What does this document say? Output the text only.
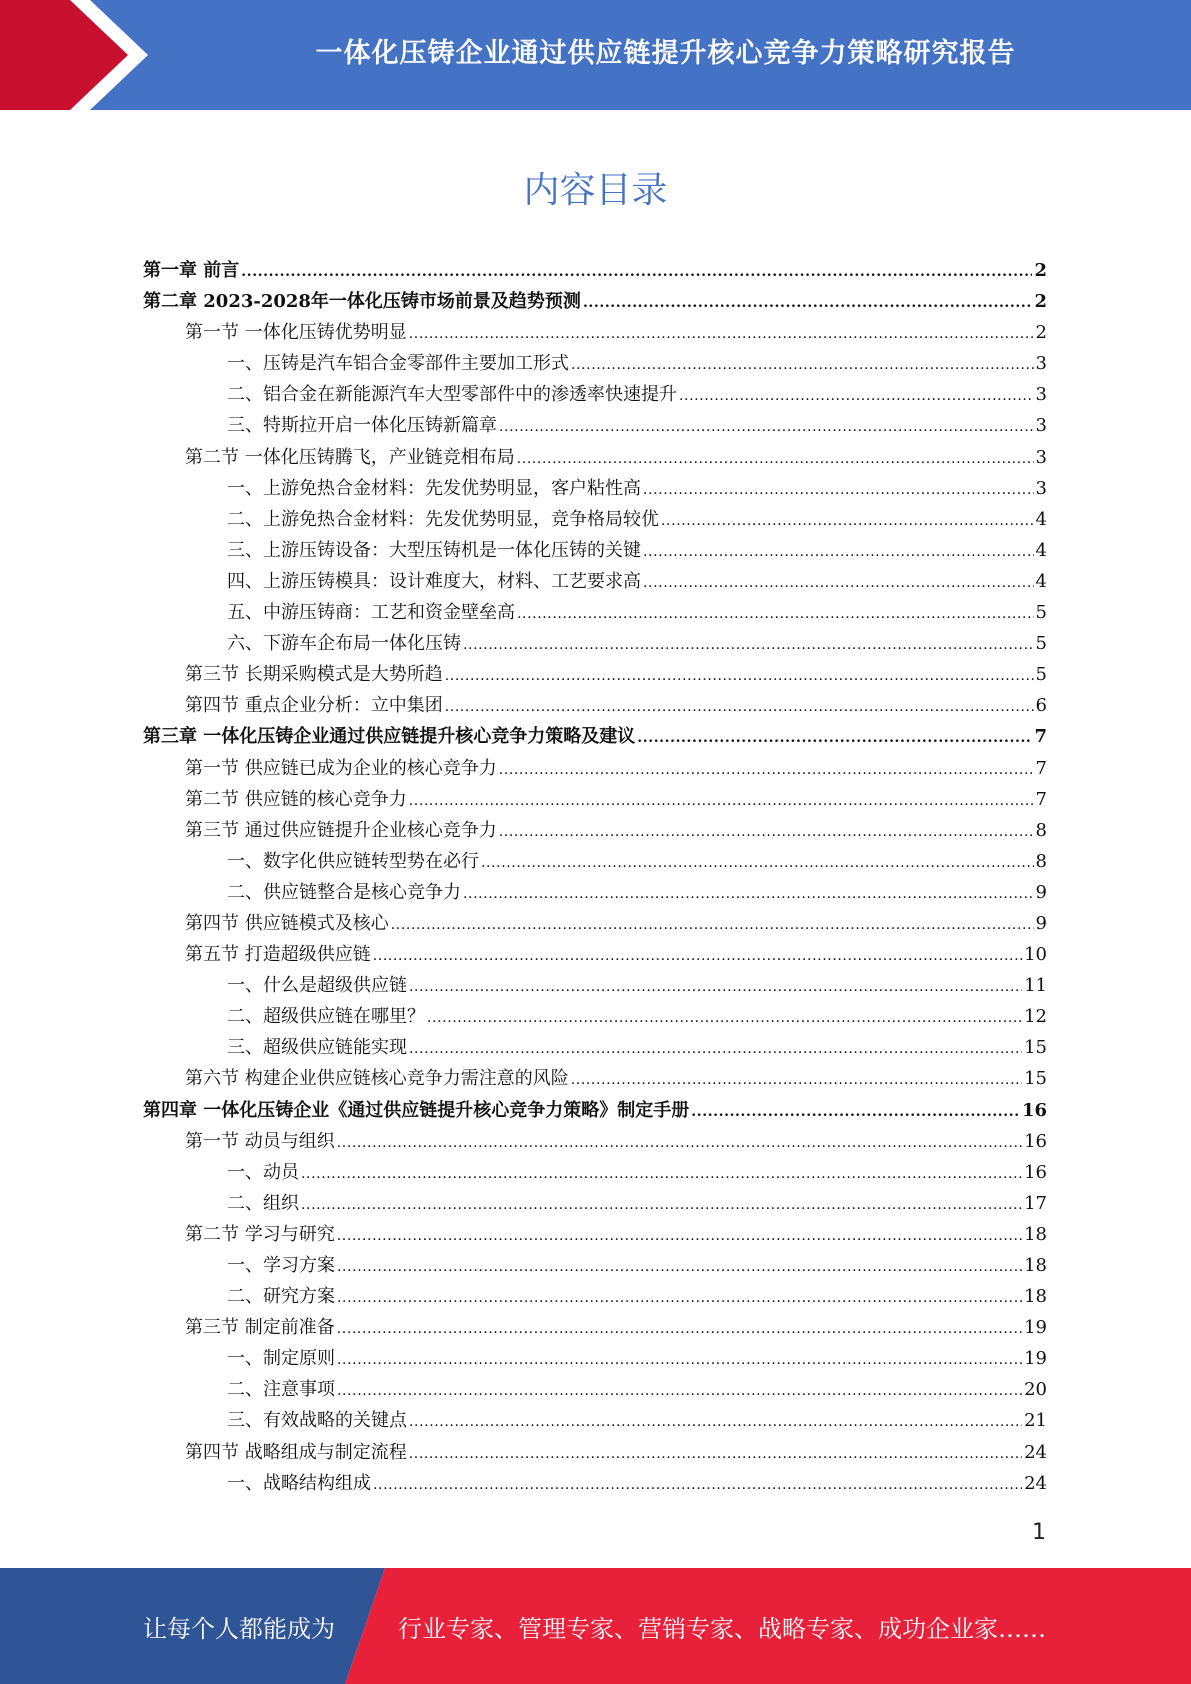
一体化压铸企业通过供应链提升核心竞争力策略研究报告
内容目录
第一章 前言 .....	2
第二章 2023-2028年一体化压铸市场前景及趋势预测 .....	2
第一节 一体化压铸优势明显 .....	2
一、压铸是汽车铝合金零部件主要加工形式 .....	3
二、铝合金在新能源汽车大型零部件中的渗透率快速提升 .....	3
三、特斯拉开启一体化压铸新篇章 .....	3
第二节 一体化压铸腾飞，产业链竞相布局 .....	3
一、上游免热合金材料：先发优势明显，客户粘性高 .....	3
二、上游免热合金材料：先发优势明显，竞争格局较优 .....	4
三、上游压铸设备：大型压铸机是一体化压铸的关键 .....	4
四、上游压铸模具：设计难度大，材料、工艺要求高 .....	4
五、中游压铸商：工艺和资金壁垒高 .....	5
六、下游车企布局一体化压铸 .....	5
第三节 长期采购模式是大势所趋 .....	5
第四节 重点企业分析：立中集团 .....	6
第三章 一体化压铸企业通过供应链提升核心竞争力策略及建议 .....	7
第一节 供应链已成为企业的核心竞争力 .....	7
第二节 供应链的核心竞争力 .....	7
第三节 通过供应链提升企业核心竞争力 .....	8
一、数字化供应链转型势在必行 .....	8
二、供应链整合是核心竞争力 .....	9
第四节 供应链模式及核心 .....	9
第五节 打造超级供应链 .....	10
一、什么是超级供应链 .....	11
二、超级供应链在哪里？ .....	12
三、超级供应链能实现 .....	15
第六节 构建企业供应链核心竞争力需注意的风险 .....	15
第四章 一体化压铸企业《通过供应链提升核心竞争力策略》制定手册 .....	16
第一节 动员与组织 .....	16
一、动员 .....	16
二、组织 .....	17
第二节 学习与研究 .....	18
一、学习方案 .....	18
二、研究方案 .....	18
第三节 制定前准备 .....	19
一、制定原则 .....	19
二、注意事项 .....	20
三、有效战略的关键点 .....	21
第四节 战略组成与制定流程 .....	24
一、战略结构组成 .....	24
1
让每个人都能成为	行业专家、管理专家、营销专家、战略专家、成功企业家……
